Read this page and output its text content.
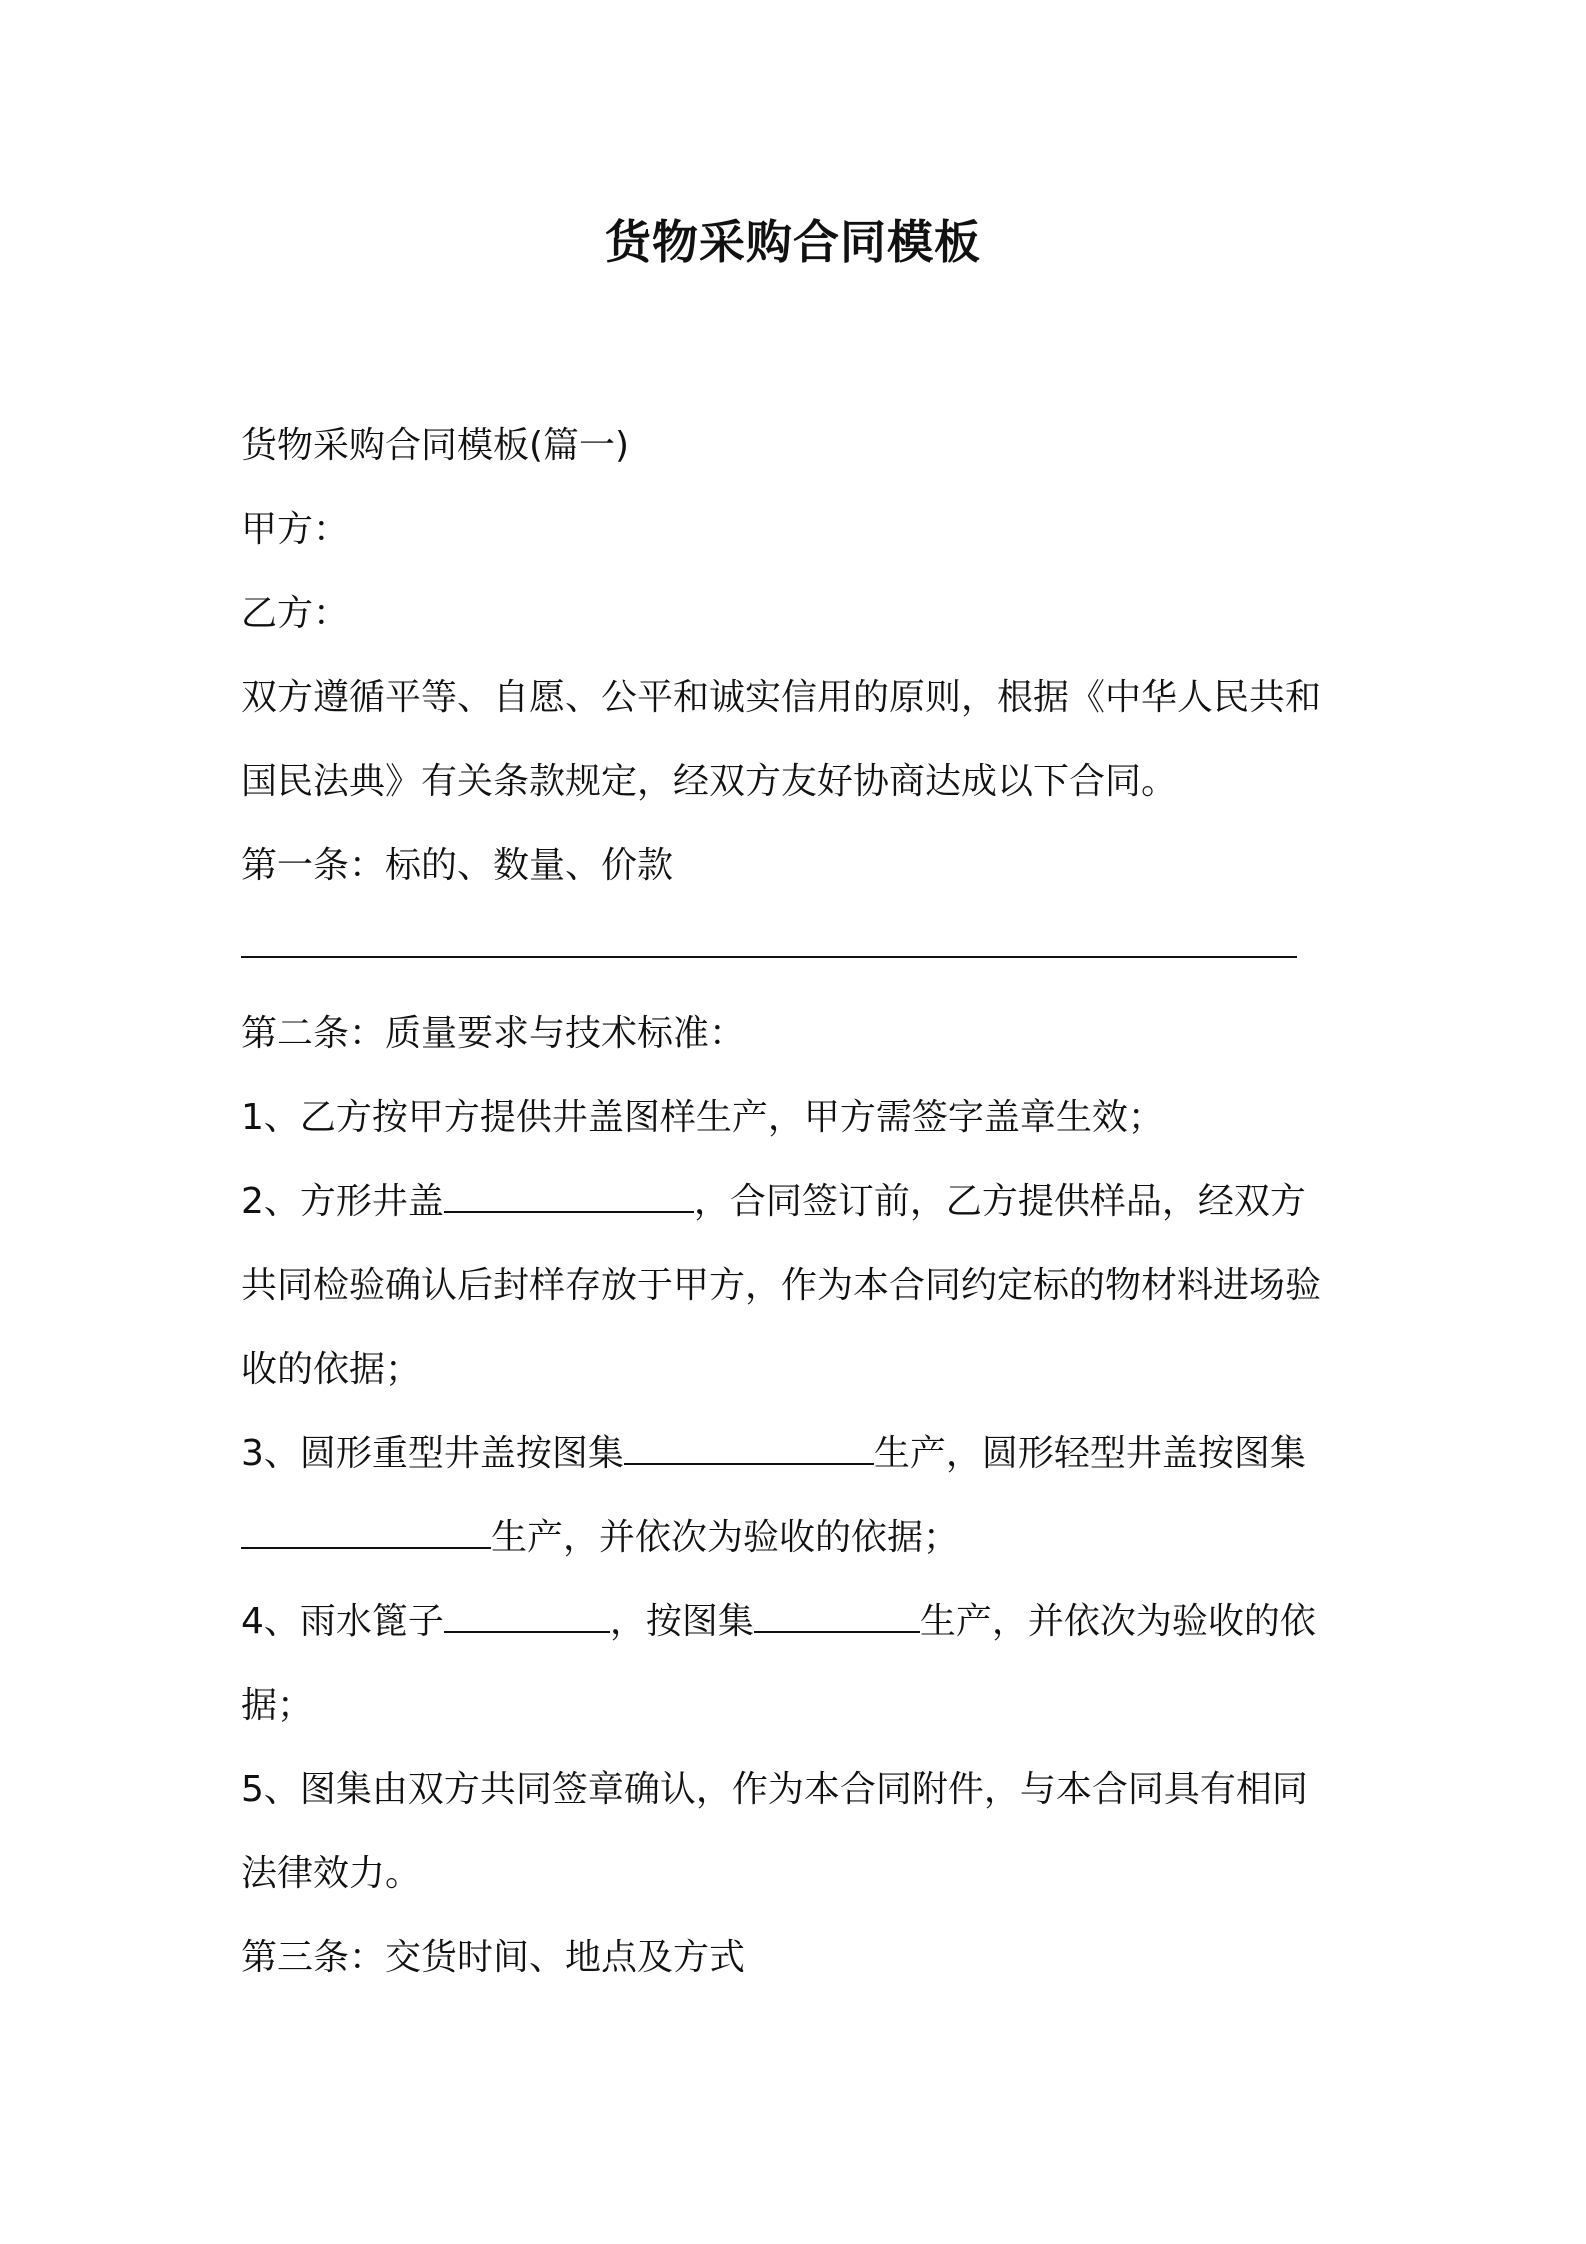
货物采购合同模板
货物采购合同模板(篇一)
甲方：
乙方：
双方遵循平等、自愿、公平和诚实信用的原则，根据《中华人民共和
国民法典》有关条款规定，经双方友好协商达成以下合同。
第一条：标的、数量、价款
第二条：质量要求与技术标准：
1、乙方按甲方提供井盖图样生产，甲方需签字盖章生效；
2、方形井盖	，合同签订前，乙方提供样品，经双方
共同检验确认后封样存放于甲方，作为本合同约定标的物材料进场验
收的依据；
3、圆形重型井盖按图集	生产，圆形轻型井盖按图集
生产，并依次为验收的依据；
4、雨水篦子	，按图集	生产，并依次为验收的依
据；
5、图集由双方共同签章确认，作为本合同附件，与本合同具有相同
法律效力。
第三条：交货时间、地点及方式
